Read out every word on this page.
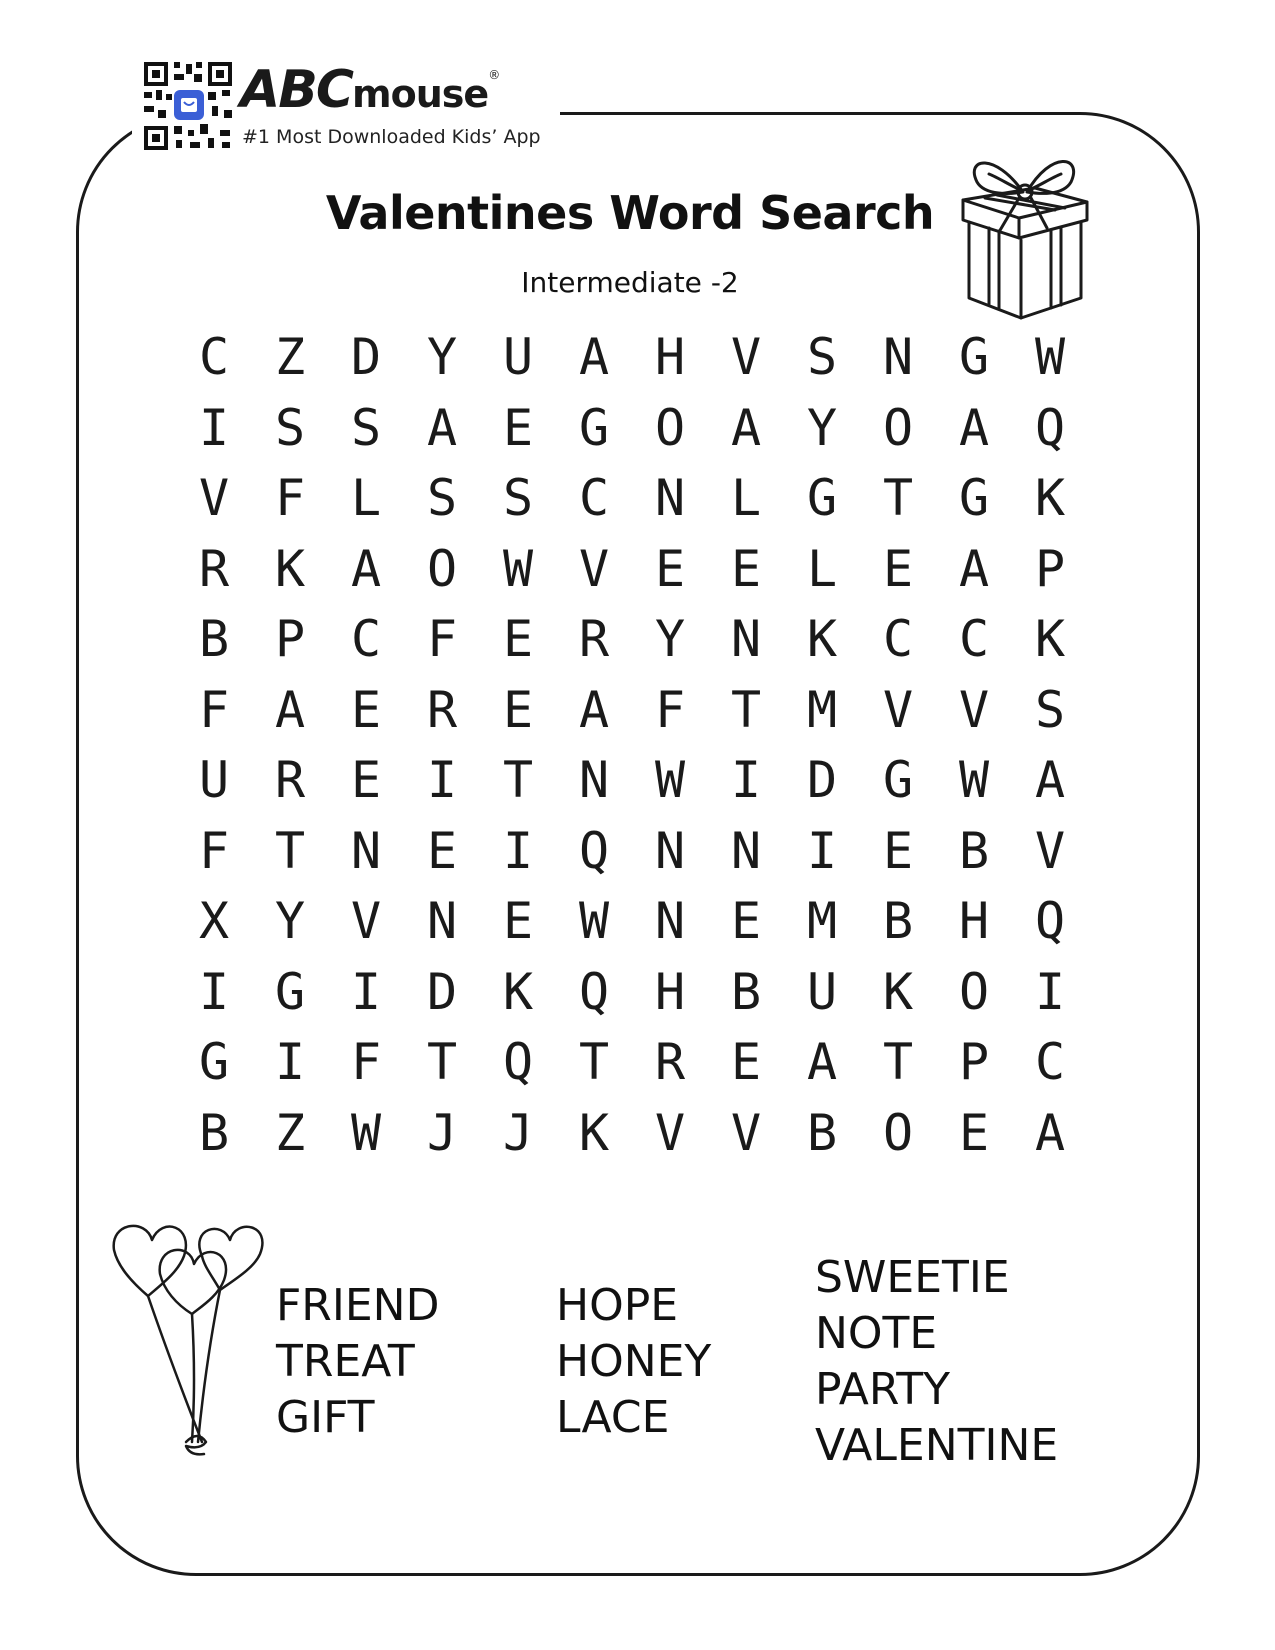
ABCmouse®
#1 Most Downloaded Kids’ App
Valentines Word Search

Intermediate -2

C Z D Y U A H V S N G W
I S S A E G O A Y O A Q
V F L S S C N L G T G K
R K A O W V E E L E A P
B P C F E R Y N K C C K
F A E R E A F T M V V S
U R E I T N W I D G W A
F T N E I Q N N I E B V
X Y V N E W N E M B H Q
I G I D K Q H B U K O I
G I F T Q T R E A T P C
B Z W J J K V V B O E A
FRIEND
TREAT
GIFT
HOPE
HONEY
LACE
SWEETIE
NOTE
PARTY
VALENTINE
